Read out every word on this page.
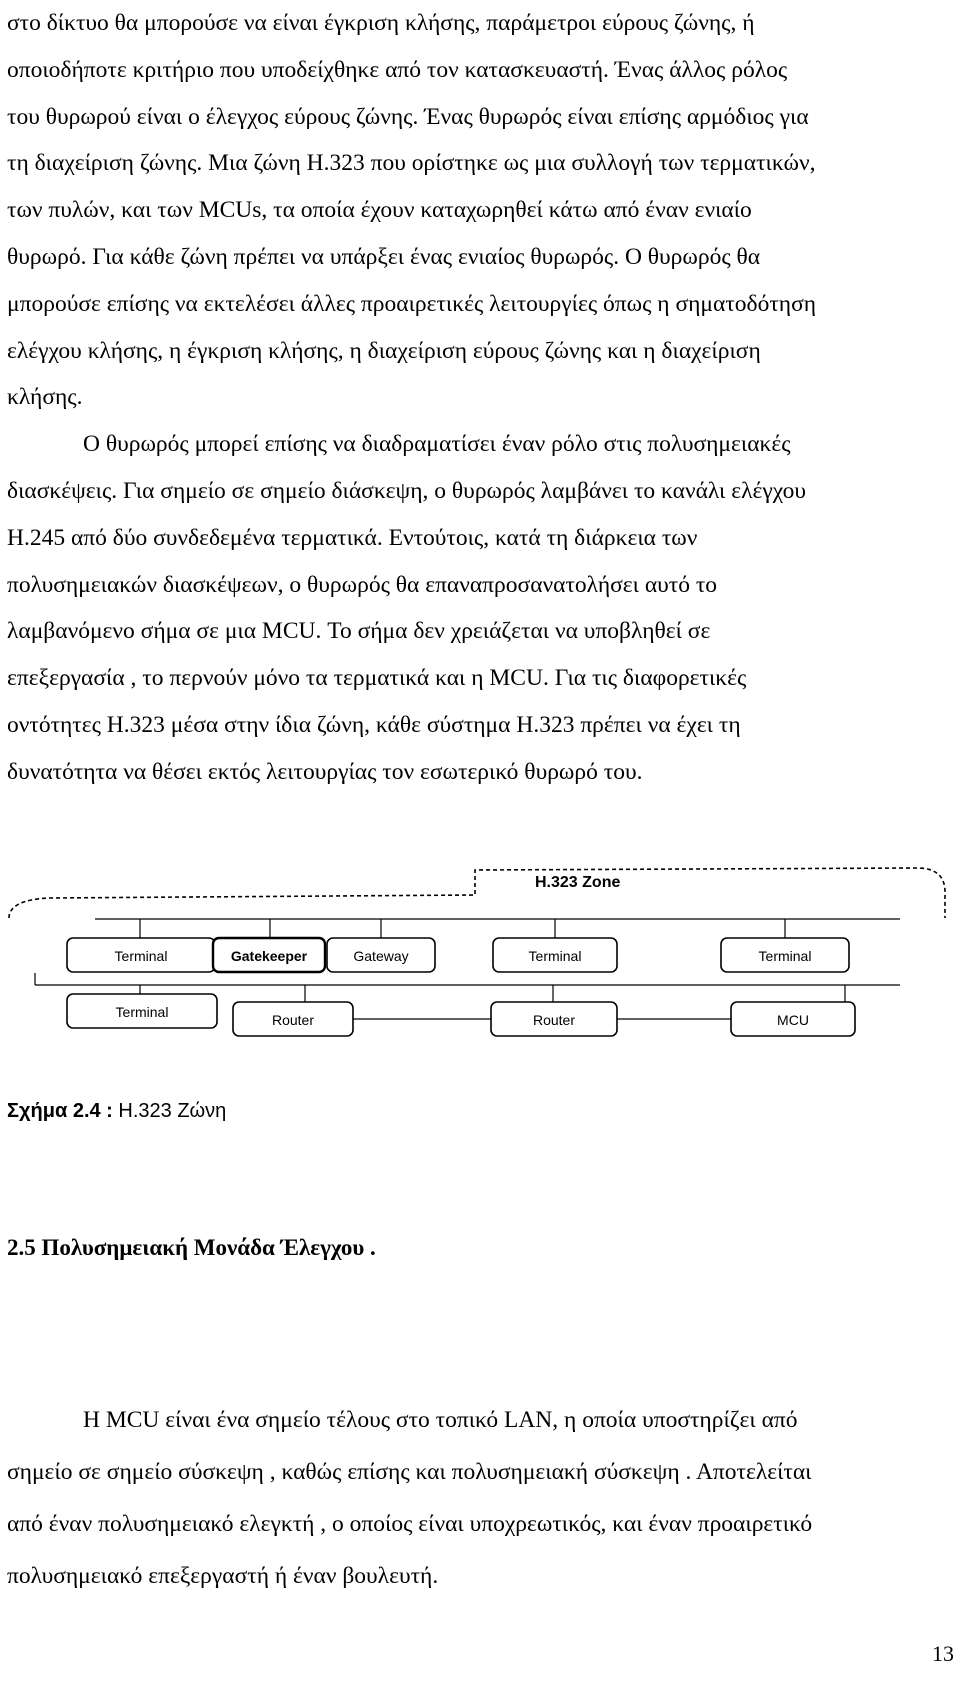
στο δίκτυο θα μπορούσε να είναι έγκριση κλήσης, παράμετροι εύρους ζώνης, ή
οποιοδήποτε κριτήριο που υποδείχθηκε από τον κατασκευαστή. Ένας άλλος ρόλος
του θυρωρού είναι ο έλεγχος εύρους ζώνης. Ένας θυρωρός είναι επίσης αρμόδιος για
τη διαχείριση ζώνης. Μια ζώνη H.323 που ορίστηκε ως μια συλλογή των τερματικών,
των πυλών, και των MCUs, τα οποία έχουν καταχωρηθεί κάτω από έναν ενιαίο
θυρωρό. Για κάθε ζώνη πρέπει να υπάρξει ένας ενιαίος θυρωρός. Ο θυρωρός θα
μπορούσε επίσης να εκτελέσει άλλες προαιρετικές λειτουργίες όπως η σηματοδότηση
ελέγχου κλήσης, η έγκριση κλήσης, η διαχείριση εύρους ζώνης και η διαχείριση
κλήσης.
Ο θυρωρός μπορεί επίσης να διαδραματίσει έναν ρόλο στις πολυσημειακές
διασκέψεις. Για σημείο σε σημείο διάσκεψη, ο θυρωρός λαμβάνει το κανάλι ελέγχου
H.245 από δύο συνδεδεμένα τερματικά. Εντούτοις, κατά τη διάρκεια των
πολυσημειακών διασκέψεων, ο θυρωρός θα επαναπροσανατολήσει αυτό το
λαμβανόμενο σήμα σε μια MCU. Το σήμα δεν χρειάζεται να υποβληθεί σε
επεξεργασία , το περνούν μόνο τα τερματικά και η MCU. Για τις διαφορετικές
οντότητες H.323 μέσα στην ίδια ζώνη, κάθε σύστημα H.323 πρέπει να έχει τη
δυνατότητα να θέσει εκτός λειτουργίας τον εσωτερικό θυρωρό του.
H.323 Zone
Terminal	Gatekeeper	Gateway	Terminal	Terminal
Terminal	Router	Router	MCU
Σχήμα 2.4 : H.323 Ζώνη
2.5 Πολυσημειακή Μονάδα Έλεγχου .
Η MCU είναι ένα σημείο τέλους στο τοπικό LAN, η οποία υποστηρίζει από
σημείο σε σημείο σύσκεψη , καθώς επίσης και πολυσημειακή σύσκεψη . Αποτελείται
από έναν πολυσημειακό ελεγκτή , ο οποίος είναι υποχρεωτικός, και έναν προαιρετικό
πολυσημειακό επεξεργαστή ή έναν βουλευτή.
13
